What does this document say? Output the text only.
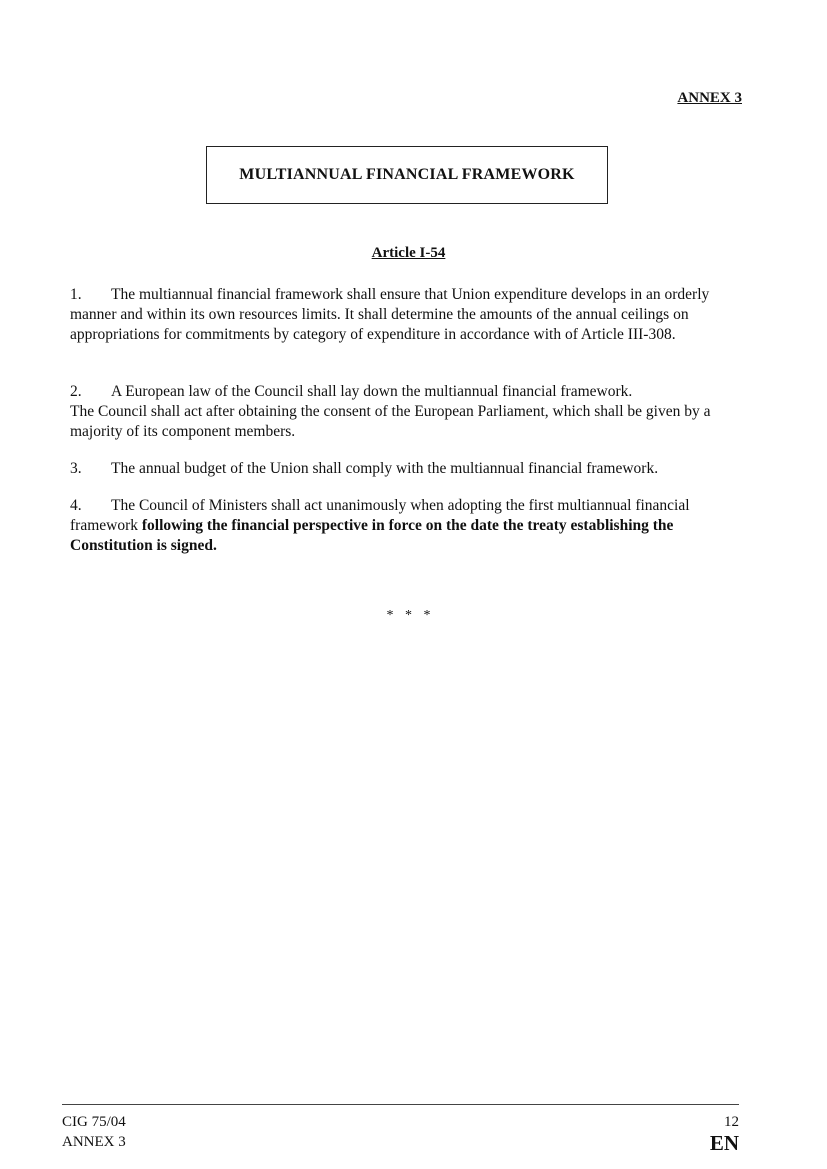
ANNEX 3
MULTIANNUAL FINANCIAL FRAMEWORK
Article I-54
1. The multiannual financial framework shall ensure that Union expenditure develops in an orderly manner and within its own resources limits. It shall determine the amounts of the annual ceilings on appropriations for commitments by category of expenditure in accordance with of Article III-308.
2. A European law of the Council shall lay down the multiannual financial framework.
The Council shall act after obtaining the consent of the European Parliament, which shall be given by a majority of its component members.
3. The annual budget of the Union shall comply with the multiannual financial framework.
4. The Council of Ministers shall act unanimously when adopting the first multiannual financial framework following the financial perspective in force on the date the treaty establishing the Constitution is signed.
* * *
CIG 75/04
ANNEX 3
12
EN
